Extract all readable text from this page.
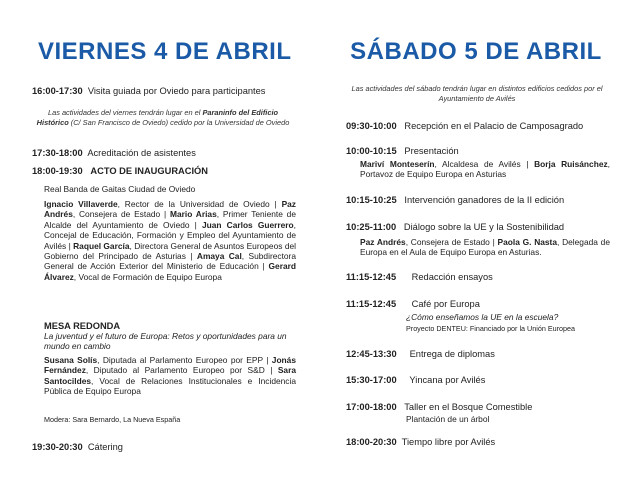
VIERNES 4 DE ABRIL
16:00-17:30 Visita guiada por Oviedo para participantes
Las actividades del viernes tendrán lugar en el Paraninfo del Edificio Histórico (C/ San Francisco de Oviedo) cedido por la Universidad de Oviedo
17:30-18:00 Acreditación de asistentes
18:00-19:30 ACTO DE INAUGURACIÓN
Real Banda de Gaitas Ciudad de Oviedo
Ignacio Villaverde, Rector de la Universidad de Oviedo | Paz Andrés, Consejera de Estado | Mario Arias, Primer Teniente de Alcalde del Ayuntamiento de Oviedo | Juan Carlos Guerrero, Concejal de Educación, Formación y Empleo del Ayuntamiento de Avilés | Raquel García, Directora General de Asuntos Europeos del Gobierno del Principado de Asturias | Amaya Cal, Subdirectora General de Acción Exterior del Ministerio de Educación | Gerard Álvarez, Vocal de Formación de Equipo Europa
MESA REDONDA
La juventud y el futuro de Europa: Retos y oportunidades para un mundo en cambio
Susana Solís, Diputada al Parlamento Europeo por EPP | Jonás Fernández, Diputado al Parlamento Europeo por S&D | Sara Santocildes, Vocal de Relaciones Institucionales e Incidencia Pública de Equipo Europa
Modera: Sara Bernardo, La Nueva España
19:30-20:30 Cátering
SÁBADO 5 DE ABRIL
Las actividades del sábado tendrán lugar en distintos edificios cedidos por el Ayuntamiento de Avilés
09:30-10:00 Recepción en el Palacio de Camposagrado
10:00-10:15 Presentación
Mariví Monteserín, Alcaldesa de Avilés | Borja Ruisánchez, Portavoz de Equipo Europa en Asturias
10:15-10:25 Intervención ganadores de la II edición
10:25-11:00 Diálogo sobre la UE y la Sostenibilidad
Paz Andrés, Consejera de Estado | Paola G. Nasta, Delegada de Europa en el Aula de Equipo Europa en Asturias.
11:15-12:45 Redacción ensayos
11:15-12:45 Café por Europa
¿Cómo enseñamos la UE en la escuela?
Proyecto DENTEU: Financiado por la Unión Europea
12:45-13:30 Entrega de diplomas
15:30-17:00 Yincana por Avilés
17:00-18:00 Taller en el Bosque Comestible
Plantación de un árbol
18:00-20:30 Tiempo libre por Avilés
